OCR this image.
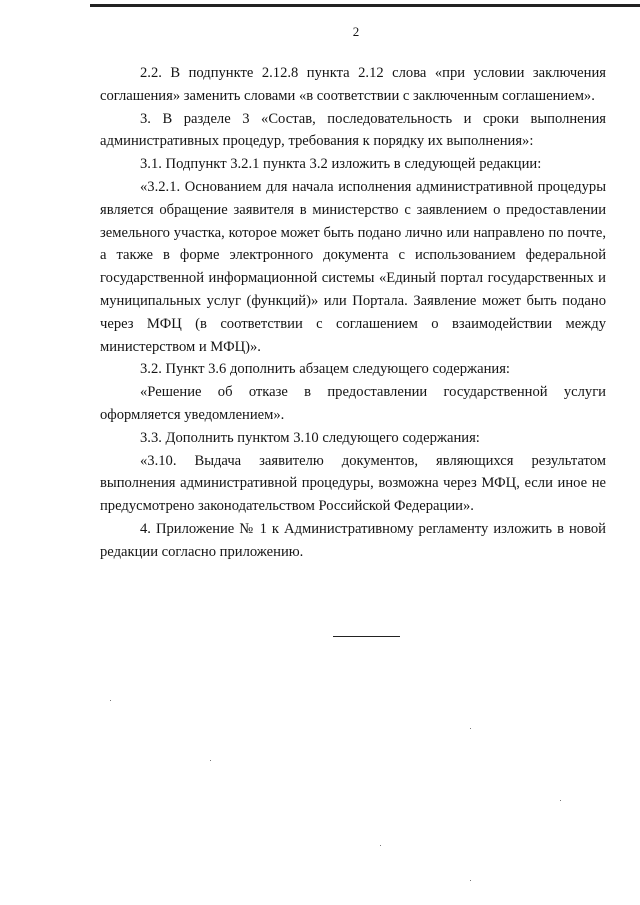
2

2.2. В подпункте 2.12.8 пункта 2.12 слова «при условии заключения соглашения» заменить словами «в соответствии с заключенным соглашением».

3. В разделе 3 «Состав, последовательность и сроки выполнения административных процедур, требования к порядку их выполнения»:

3.1. Подпункт 3.2.1 пункта 3.2 изложить в следующей редакции:

«3.2.1. Основанием для начала исполнения административной процедуры является обращение заявителя в министерство с заявлением о предоставлении земельного участка, которое может быть подано лично или направлено по почте, а также в форме электронного документа с использованием федеральной государственной информационной системы «Единый портал государственных и муниципальных услуг (функций)» или Портала. Заявление может быть подано через МФЦ (в соответствии с соглашением о взаимодействии между министерством и МФЦ)».

3.2. Пункт 3.6 дополнить абзацем следующего содержания:

«Решение об отказе в предоставлении государственной услуги оформляется уведомлением».

3.3. Дополнить пунктом 3.10 следующего содержания:

«3.10. Выдача заявителю документов, являющихся результатом выполнения административной процедуры, возможна через МФЦ, если иное не предусмотрено законодательством Российской Федерации».

4. Приложение № 1 к Административному регламенту изложить в новой редакции согласно приложению.
